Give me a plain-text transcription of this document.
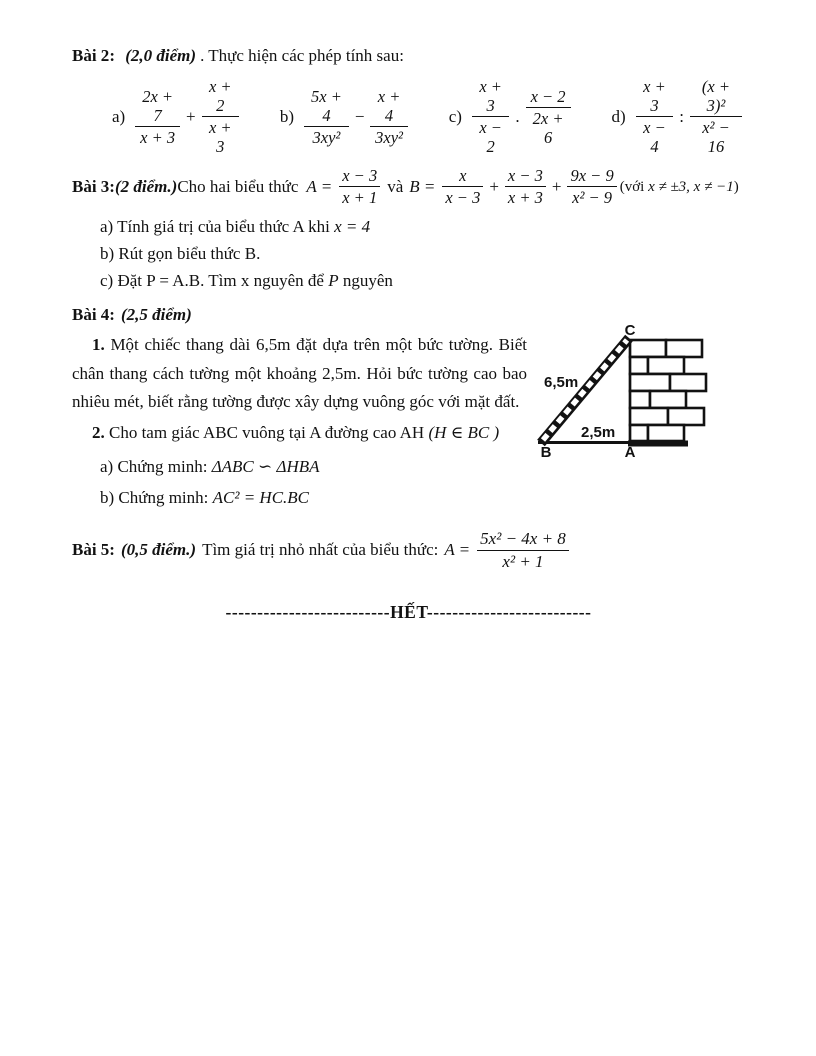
Bài 2: (2,0 điểm) . Thực hiện các phép tính sau:
$a) \frac{2x + 7}{x + 3} + \frac{x + 2}{x + 3} b) \frac{5x + 4}{\text{3xy²}} - \frac{x + 4}{\text{3xy²}} c) \frac{x + 3}{x - 2}$ . $\frac{x - 2}{2x + 6} d) \frac{x + 3}{x - 4}$ : $\frac{\text{(x + 3)²}}{\text{x² − 16}}$
Bài 3: (2 điểm.) Cho hai biểu thức $A = \frac{x - 3}{x + 1}$ và $B = \frac{x}{x - 3} + \frac{x - 3}{x + 3} + \frac{9x - 9}{\text{x² − 9}}$ (với x ≠ ±3, x ≠ −1)
a) Tính giá trị của biểu thức A khi x = 4
b) Rút gọn biểu thức B.
c) Đặt P = A.B. Tìm x nguyên để P nguyên
Bài 4: (2,5 điểm)
C
B	A
6,5m
2,5m

1. Một chiếc thang dài 6,5m đặt dựa trên một bức tường. Biết chân thang cách tường một khoảng 2,5m. Hỏi bức tường cao bao nhiêu mét, biết rằng tường được xây dựng vuông góc với mặt đất.

2. Cho tam giác ABC vuông tại A đường cao AH (H ∈ BC )
a) Chứng minh: ΔABC ∽ ΔHBA
b) Chứng minh: AC² = HC.BC
Bài 5: (0,5 điểm.) Tìm giá trị nhỏ nhất của biểu thức: $A = \frac{\text{5x² − 4x + 8}}{\text{x² + 1}}$
--------------------------HẾT--------------------------
